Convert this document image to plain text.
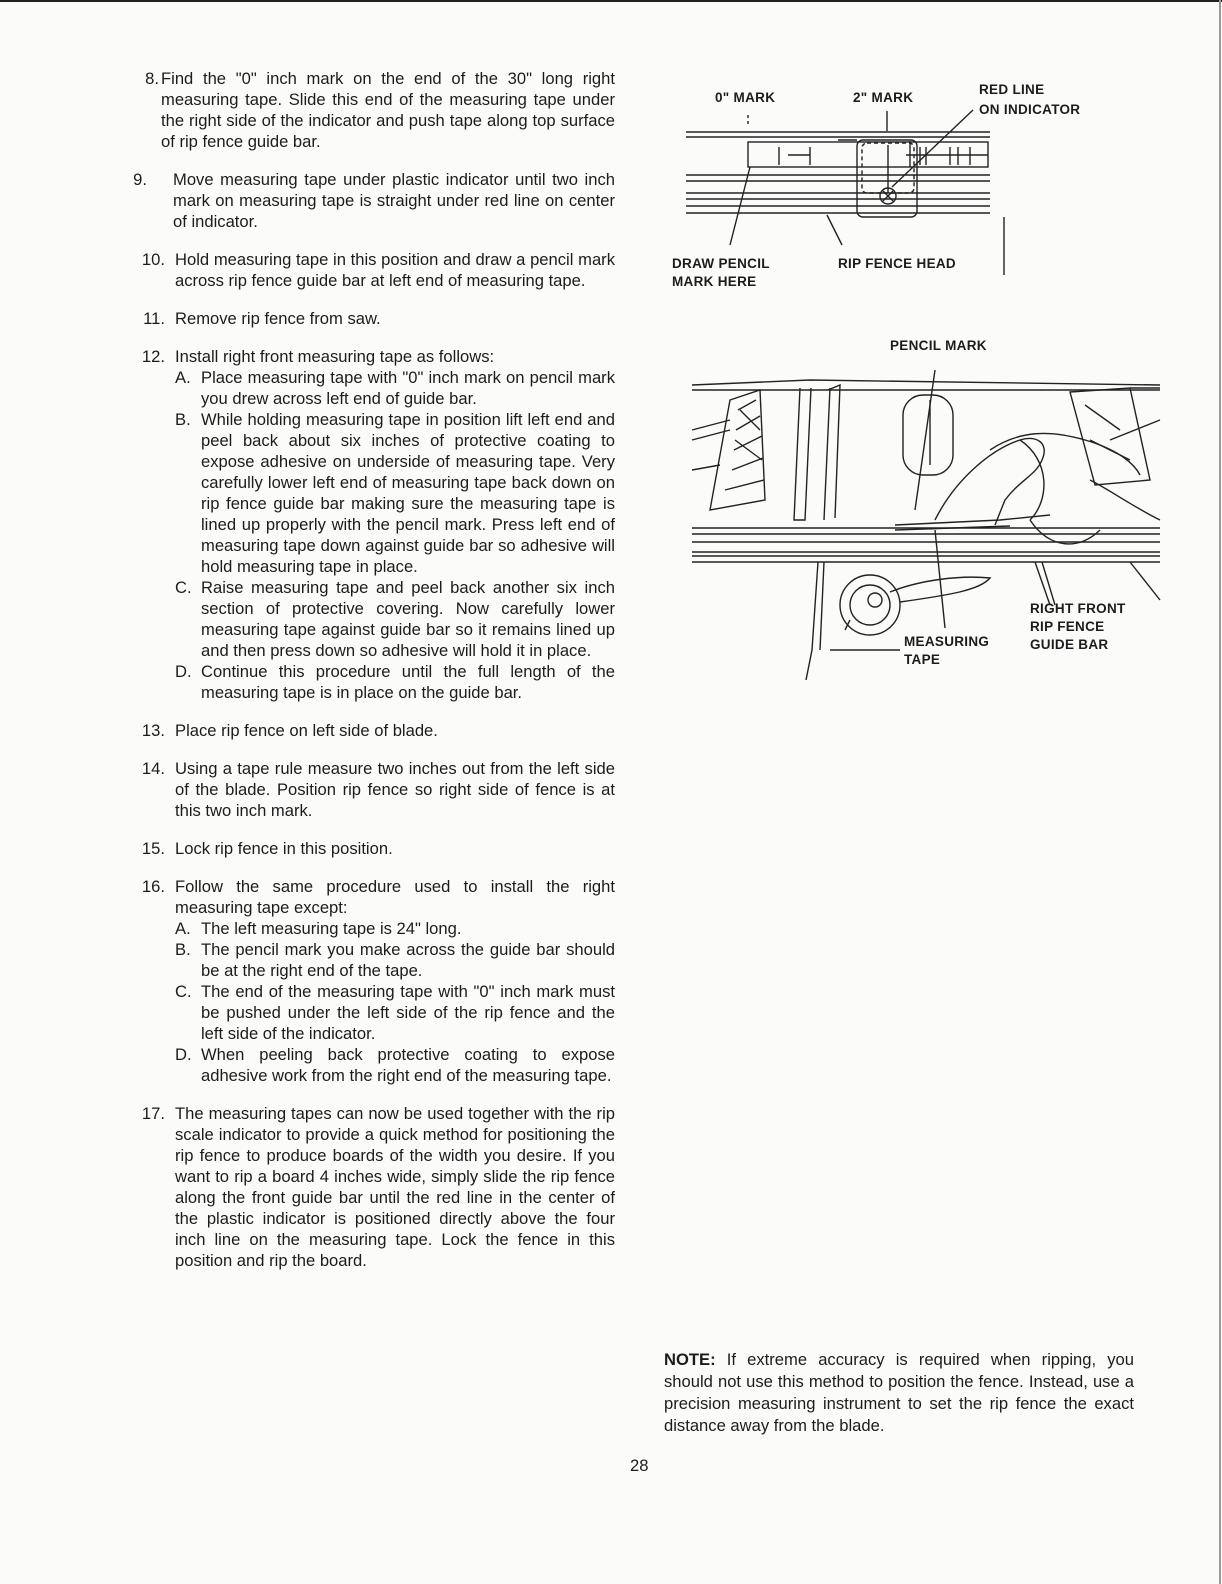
8. Find the "0" inch mark on the end of the 30" long right measuring tape. Slide this end of the measuring tape under the right side of the indicator and push tape along top surface of rip fence guide bar.
9. Move measuring tape under plastic indicator until two inch mark on measuring tape is straight under red line on center of indicator.
10. Hold measuring tape in this position and draw a pencil mark across rip fence guide bar at left end of measuring tape.
11. Remove rip fence from saw.
12. Install right front measuring tape as follows:
A. Place measuring tape with "0" inch mark on pencil mark you drew across left end of guide bar.
B. While holding measuring tape in position lift left end and peel back about six inches of protective coating to expose adhesive on underside of measuring tape. Very carefully lower left end of measuring tape back down on rip fence guide bar making sure the measuring tape is lined up properly with the pencil mark. Press left end of measuring tape down against guide bar so adhesive will hold measuring tape in place.
C. Raise measuring tape and peel back another six inch section of protective covering. Now carefully lower measuring tape against guide bar so it remains lined up and then press down so adhesive will hold it in place.
D. Continue this procedure until the full length of the measuring tape is in place on the guide bar.
13. Place rip fence on left side of blade.
14. Using a tape rule measure two inches out from the left side of the blade. Position rip fence so right side of fence is at this two inch mark.
15. Lock rip fence in this position.
16. Follow the same procedure used to install the right measuring tape except:
A. The left measuring tape is 24" long.
B. The pencil mark you make across the guide bar should be at the right end of the tape.
C. The end of the measuring tape with "0" inch mark must be pushed under the left side of the rip fence and the left side of the indicator.
D. When peeling back protective coating to expose adhesive work from the right end of the measuring tape.
17. The measuring tapes can now be used together with the rip scale indicator to provide a quick method for positioning the rip fence to produce boards of the width you desire. If you want to rip a board 4 inches wide, simply slide the rip fence along the front guide bar until the red line in the center of the plastic indicator is positioned directly above the four inch line on the measuring tape. Lock the fence in this position and rip the board.
0" MARK	2" MARK
RED LINE
ON INDICATOR
DRAW PENCIL
MARK HERE
RIP FENCE HEAD
PENCIL MARK
MEASURING
TAPE
RIGHT FRONT
RIP FENCE
GUIDE BAR
NOTE: If extreme accuracy is required when ripping, you should not use this method to position the fence. Instead, use a precision measuring instrument to set the rip fence the exact distance away from the blade.
28
